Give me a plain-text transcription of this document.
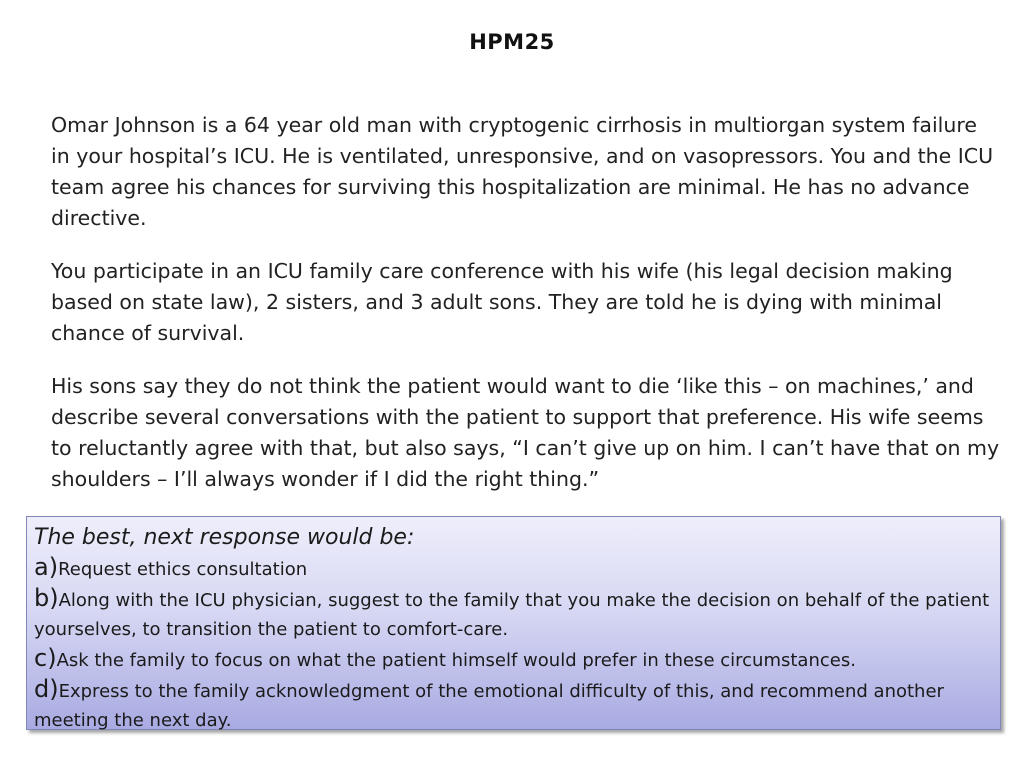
HPM25

Omar Johnson is a 64 year old man with cryptogenic cirrhosis in multiorgan system failure in your hospital’s ICU. He is ventilated, unresponsive, and on vasopressors. You and the ICU team agree his chances for surviving this hospitalization are minimal. He has no advance directive.

You participate in an ICU family care conference with his wife (his legal decision making based on state law), 2 sisters, and 3 adult sons. They are told he is dying with minimal chance of survival.

His sons say they do not think the patient would want to die ‘like this – on machines,’ and describe several conversations with the patient to support that preference. His wife seems to reluctantly agree with that, but also says, “I can’t give up on him. I can’t have that on my shoulders – I’ll always wonder if I did the right thing.”

The best, next response would be:
a)Request ethics consultation
b)Along with the ICU physician, suggest to the family that you make the decision on behalf of the patient yourselves, to transition the patient to comfort-care.
c)Ask the family to focus on what the patient himself would prefer in these circumstances.
d)Express to the family acknowledgment of the emotional difficulty of this, and recommend another meeting the next day.
